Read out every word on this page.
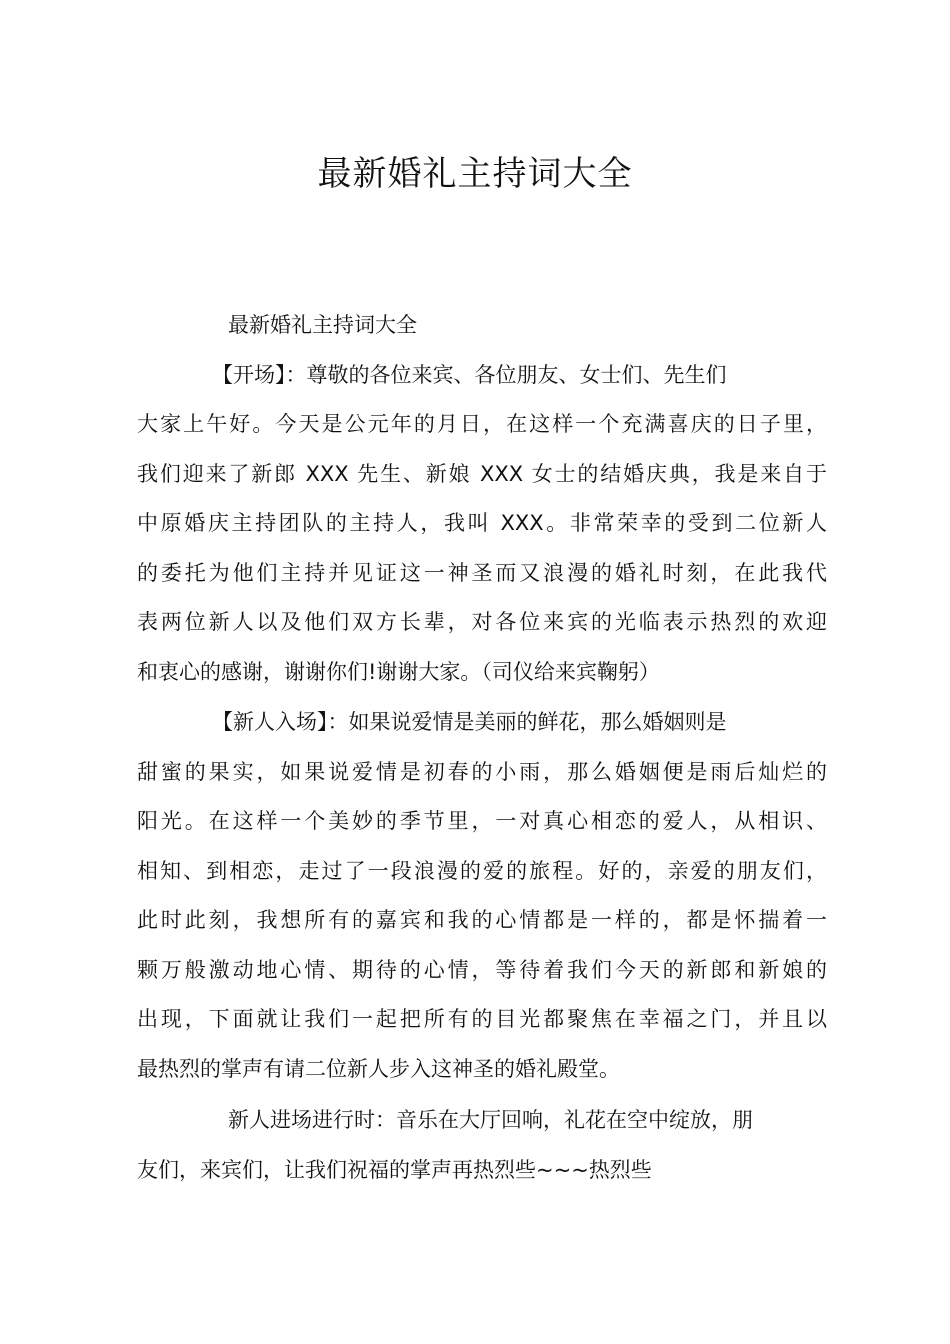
最新婚礼主持词大全

最新婚礼主持词大全

【开场】：尊敬的各位来宾、各位朋友、女士们、先生们

大家上午好。今天是公元年的月日，在这样一个充满喜庆的日子里，

我们迎来了新郎 XXX 先生、新娘 XXX 女士的结婚庆典，我是来自于

中原婚庆主持团队的主持人，我叫 XXX。非常荣幸的受到二位新人

的委托为他们主持并见证这一神圣而又浪漫的婚礼时刻，在此我代

表两位新人以及他们双方长辈，对各位来宾的光临表示热烈的欢迎

和衷心的感谢，谢谢你们!谢谢大家。（司仪给来宾鞠躬）

【新人入场】：如果说爱情是美丽的鲜花，那么婚姻则是

甜蜜的果实，如果说爱情是初春的小雨，那么婚姻便是雨后灿烂的

阳光。在这样一个美妙的季节里，一对真心相恋的爱人，从相识、

相知、到相恋，走过了一段浪漫的爱的旅程。好的，亲爱的朋友们，

此时此刻，我想所有的嘉宾和我的心情都是一样的，都是怀揣着一

颗万般激动地心情、期待的心情，等待着我们今天的新郎和新娘的

出现，下面就让我们一起把所有的目光都聚焦在幸福之门，并且以

最热烈的掌声有请二位新人步入这神圣的婚礼殿堂。

新人进场进行时：音乐在大厅回响，礼花在空中绽放，朋

友们，来宾们，让我们祝福的掌声再热烈些~~~热烈些
